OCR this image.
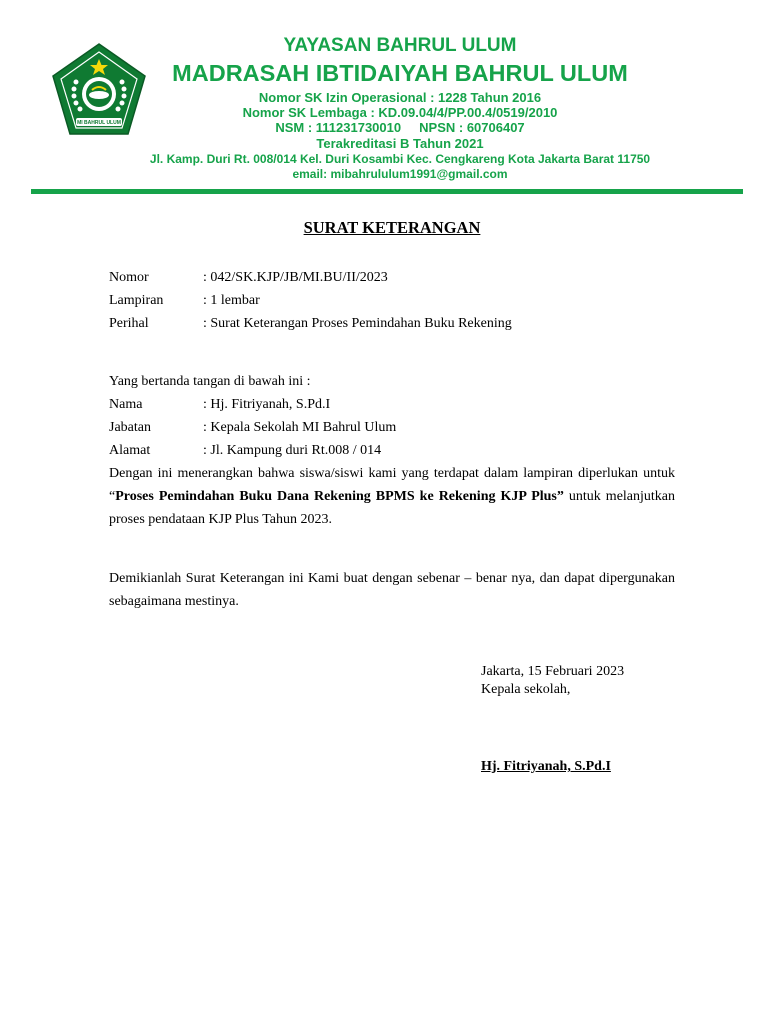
MI BAHRUL ULUM
YAYASAN BAHRUL ULUM
MADRASAH IBTIDAIYAH BAHRUL ULUM
Nomor SK Izin Operasional : 1228 Tahun 2016
Nomor SK Lembaga : KD.09.04/4/PP.00.4/0519/2010
NSM : 111231730010     NPSN : 60706407
Terakreditasi B Tahun 2021
Jl. Kamp. Duri Rt. 008/014 Kel. Duri Kosambi Kec. Cengkareng Kota Jakarta Barat 11750
email: mibahrululum1991@gmail.com
SURAT KETERANGAN
Nomor	: 042/SK.KJP/JB/MI.BU/II/2023
Lampiran	: 1 lembar
Perihal	: Surat Keterangan Proses Pemindahan Buku Rekening
Yang bertanda tangan di bawah ini :
Nama	: Hj. Fitriyanah, S.Pd.I
Jabatan	: Kepala Sekolah MI Bahrul Ulum
Alamat	: Jl. Kampung duri Rt.008 / 014
Dengan ini menerangkan bahwa siswa/siswi kami yang terdapat dalam lampiran diperlukan untuk “Proses Pemindahan Buku Dana Rekening BPMS ke Rekening KJP Plus” untuk melanjutkan proses pendataan KJP Plus Tahun 2023.
Demikianlah Surat Keterangan ini Kami buat dengan sebenar – benar nya, dan dapat dipergunakan sebagaimana mestinya.
Jakarta, 15 Februari 2023
Kepala sekolah,
Hj. Fitriyanah, S.Pd.I
